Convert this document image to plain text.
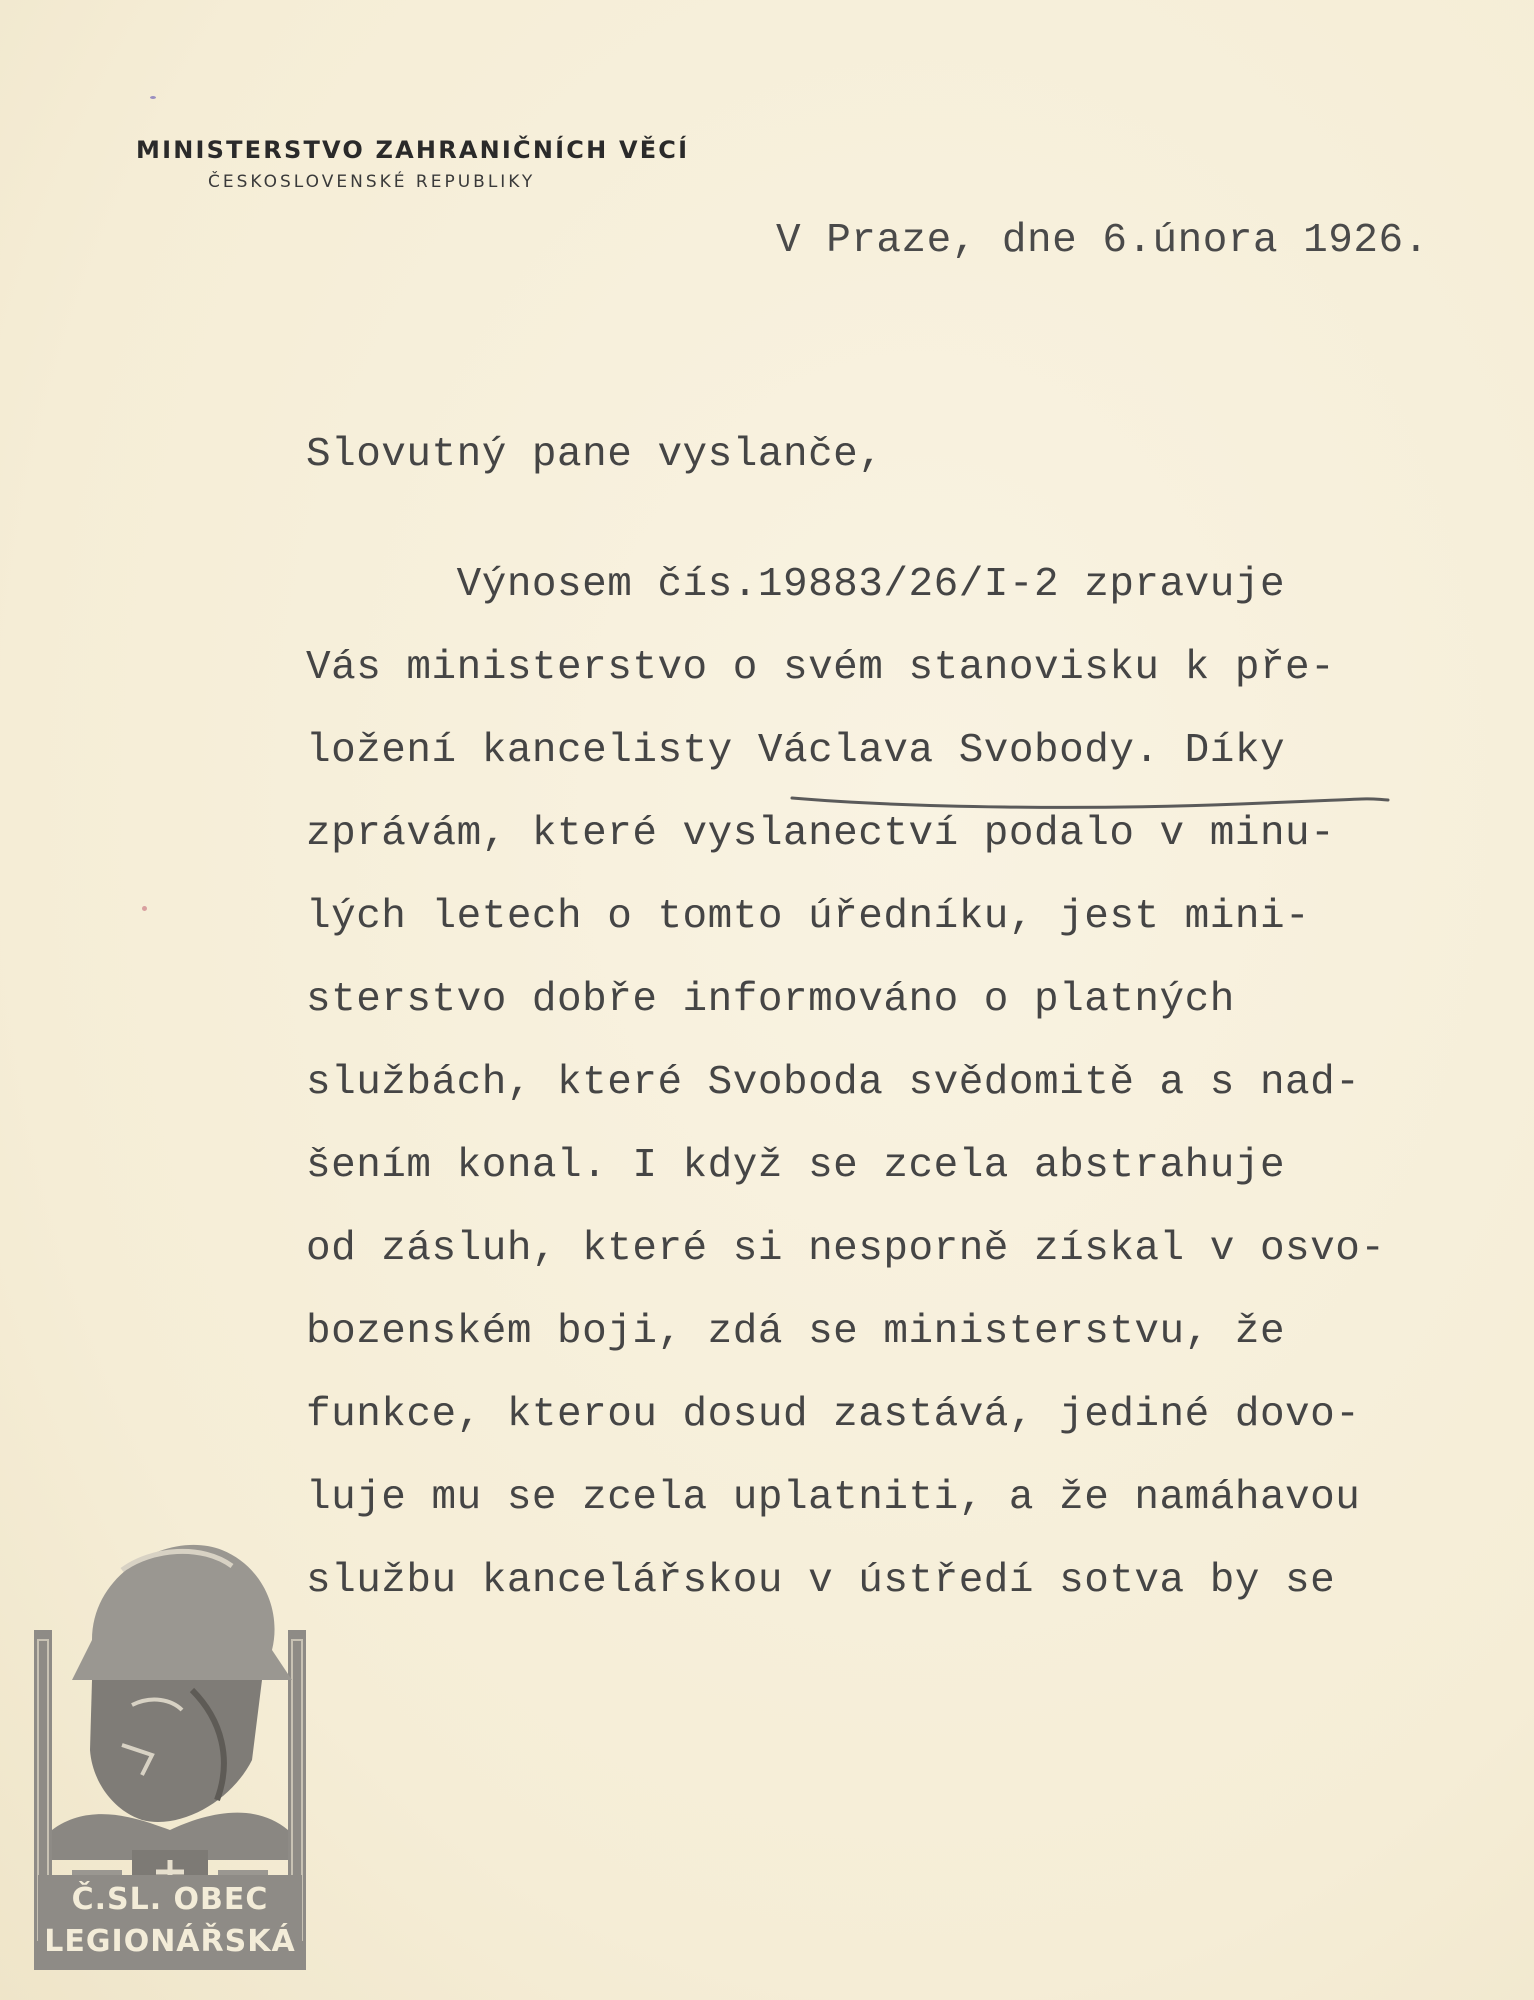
MINISTERSTVO ZAHRANIČNÍCH VĚCÍ
ČESKOSLOVENSKÉ REPUBLIKY
V Praze, dne 6.února 1926.
Slovutný pane vyslanče,
Výnosem čís.19883/26/I-2 zpravuje
Vás ministerstvo o svém stanovisku k pře-
ložení kancelisty Václava Svobody. Díky
zprávám, které vyslanectví podalo v minu-
lých letech o tomto úředníku, jest mini-
sterstvo dobře informováno o platných
službách, které Svoboda svědomitě a s nad-
šením konal. I když se zcela abstrahuje
od zásluh, které si nesporně získal v osvo-
bozenském boji, zdá se ministerstvu, že
funkce, kterou dosud zastává, jediné dovo-
luje mu se zcela uplatniti, a že namáhavou
službu kancelářskou v ústředí sotva by se
Č.SL. OBEC
LEGIONÁŘSKÁ
